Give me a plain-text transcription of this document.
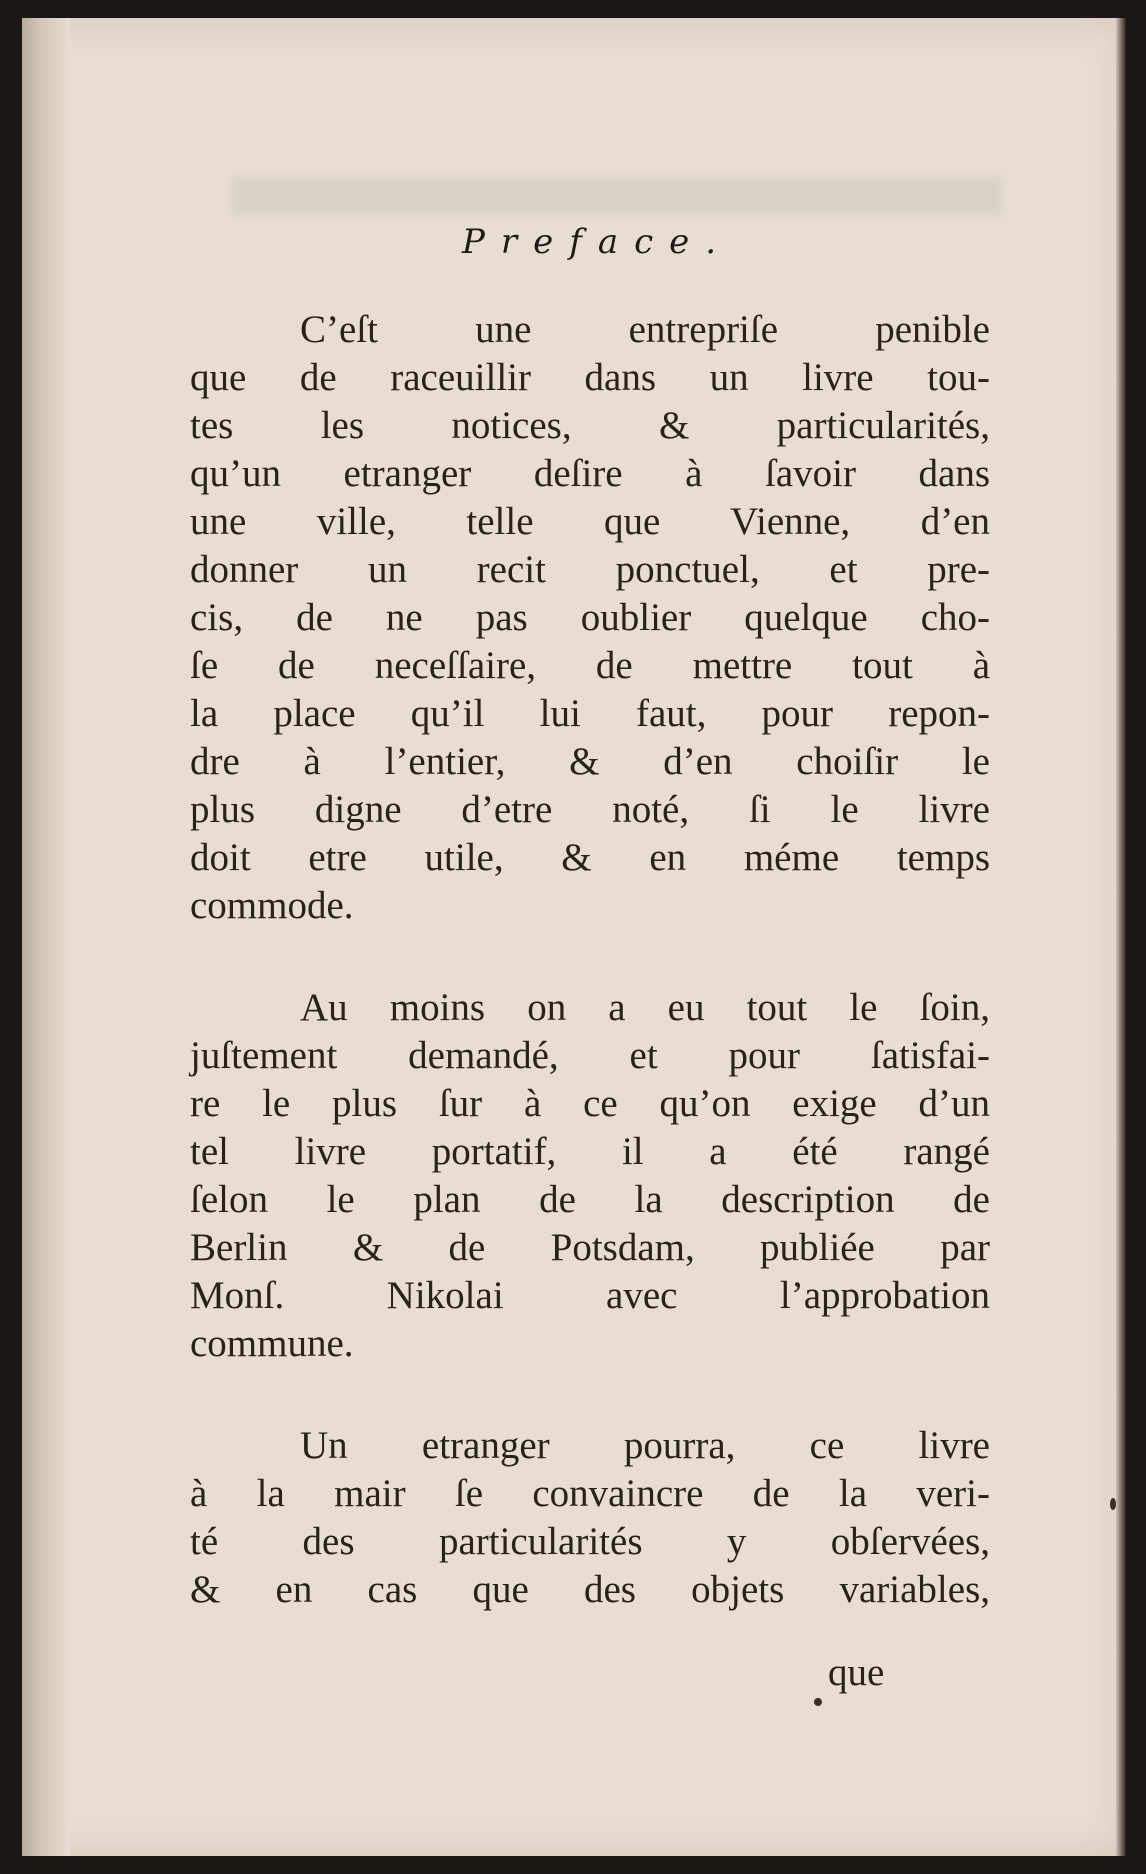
Preface.

C’eſt une entrepriſe penible
que de raceuillir dans un livre tou-
tes les notices, & particularités,
qu’un etranger deſire à ſavoir dans
une ville, telle que Vienne, d’en
donner un recit ponctuel, et pre-
cis, de ne pas oublier quelque cho-
ſe de neceſſaire, de mettre tout à
la place qu’il lui faut, pour repon-
dre à l’entier, & d’en choiſir le
plus digne d’etre noté, ſi le livre
doit etre utile, & en méme temps
commode.
Au moins on a eu tout le ſoin,
juſtement demandé, et pour ſatisfai-
re le plus ſur à ce qu’on exige d’un
tel livre portatif, il a été rangé
ſelon le plan de la description de
Berlin & de Potsdam, publiée par
Monſ. Nikolai avec l’approbation
commune.
Un etranger pourra, ce livre
à la mair ſe convaincre de la veri-
té des particularités y obſervées,
& en cas que des objets variables,

que
